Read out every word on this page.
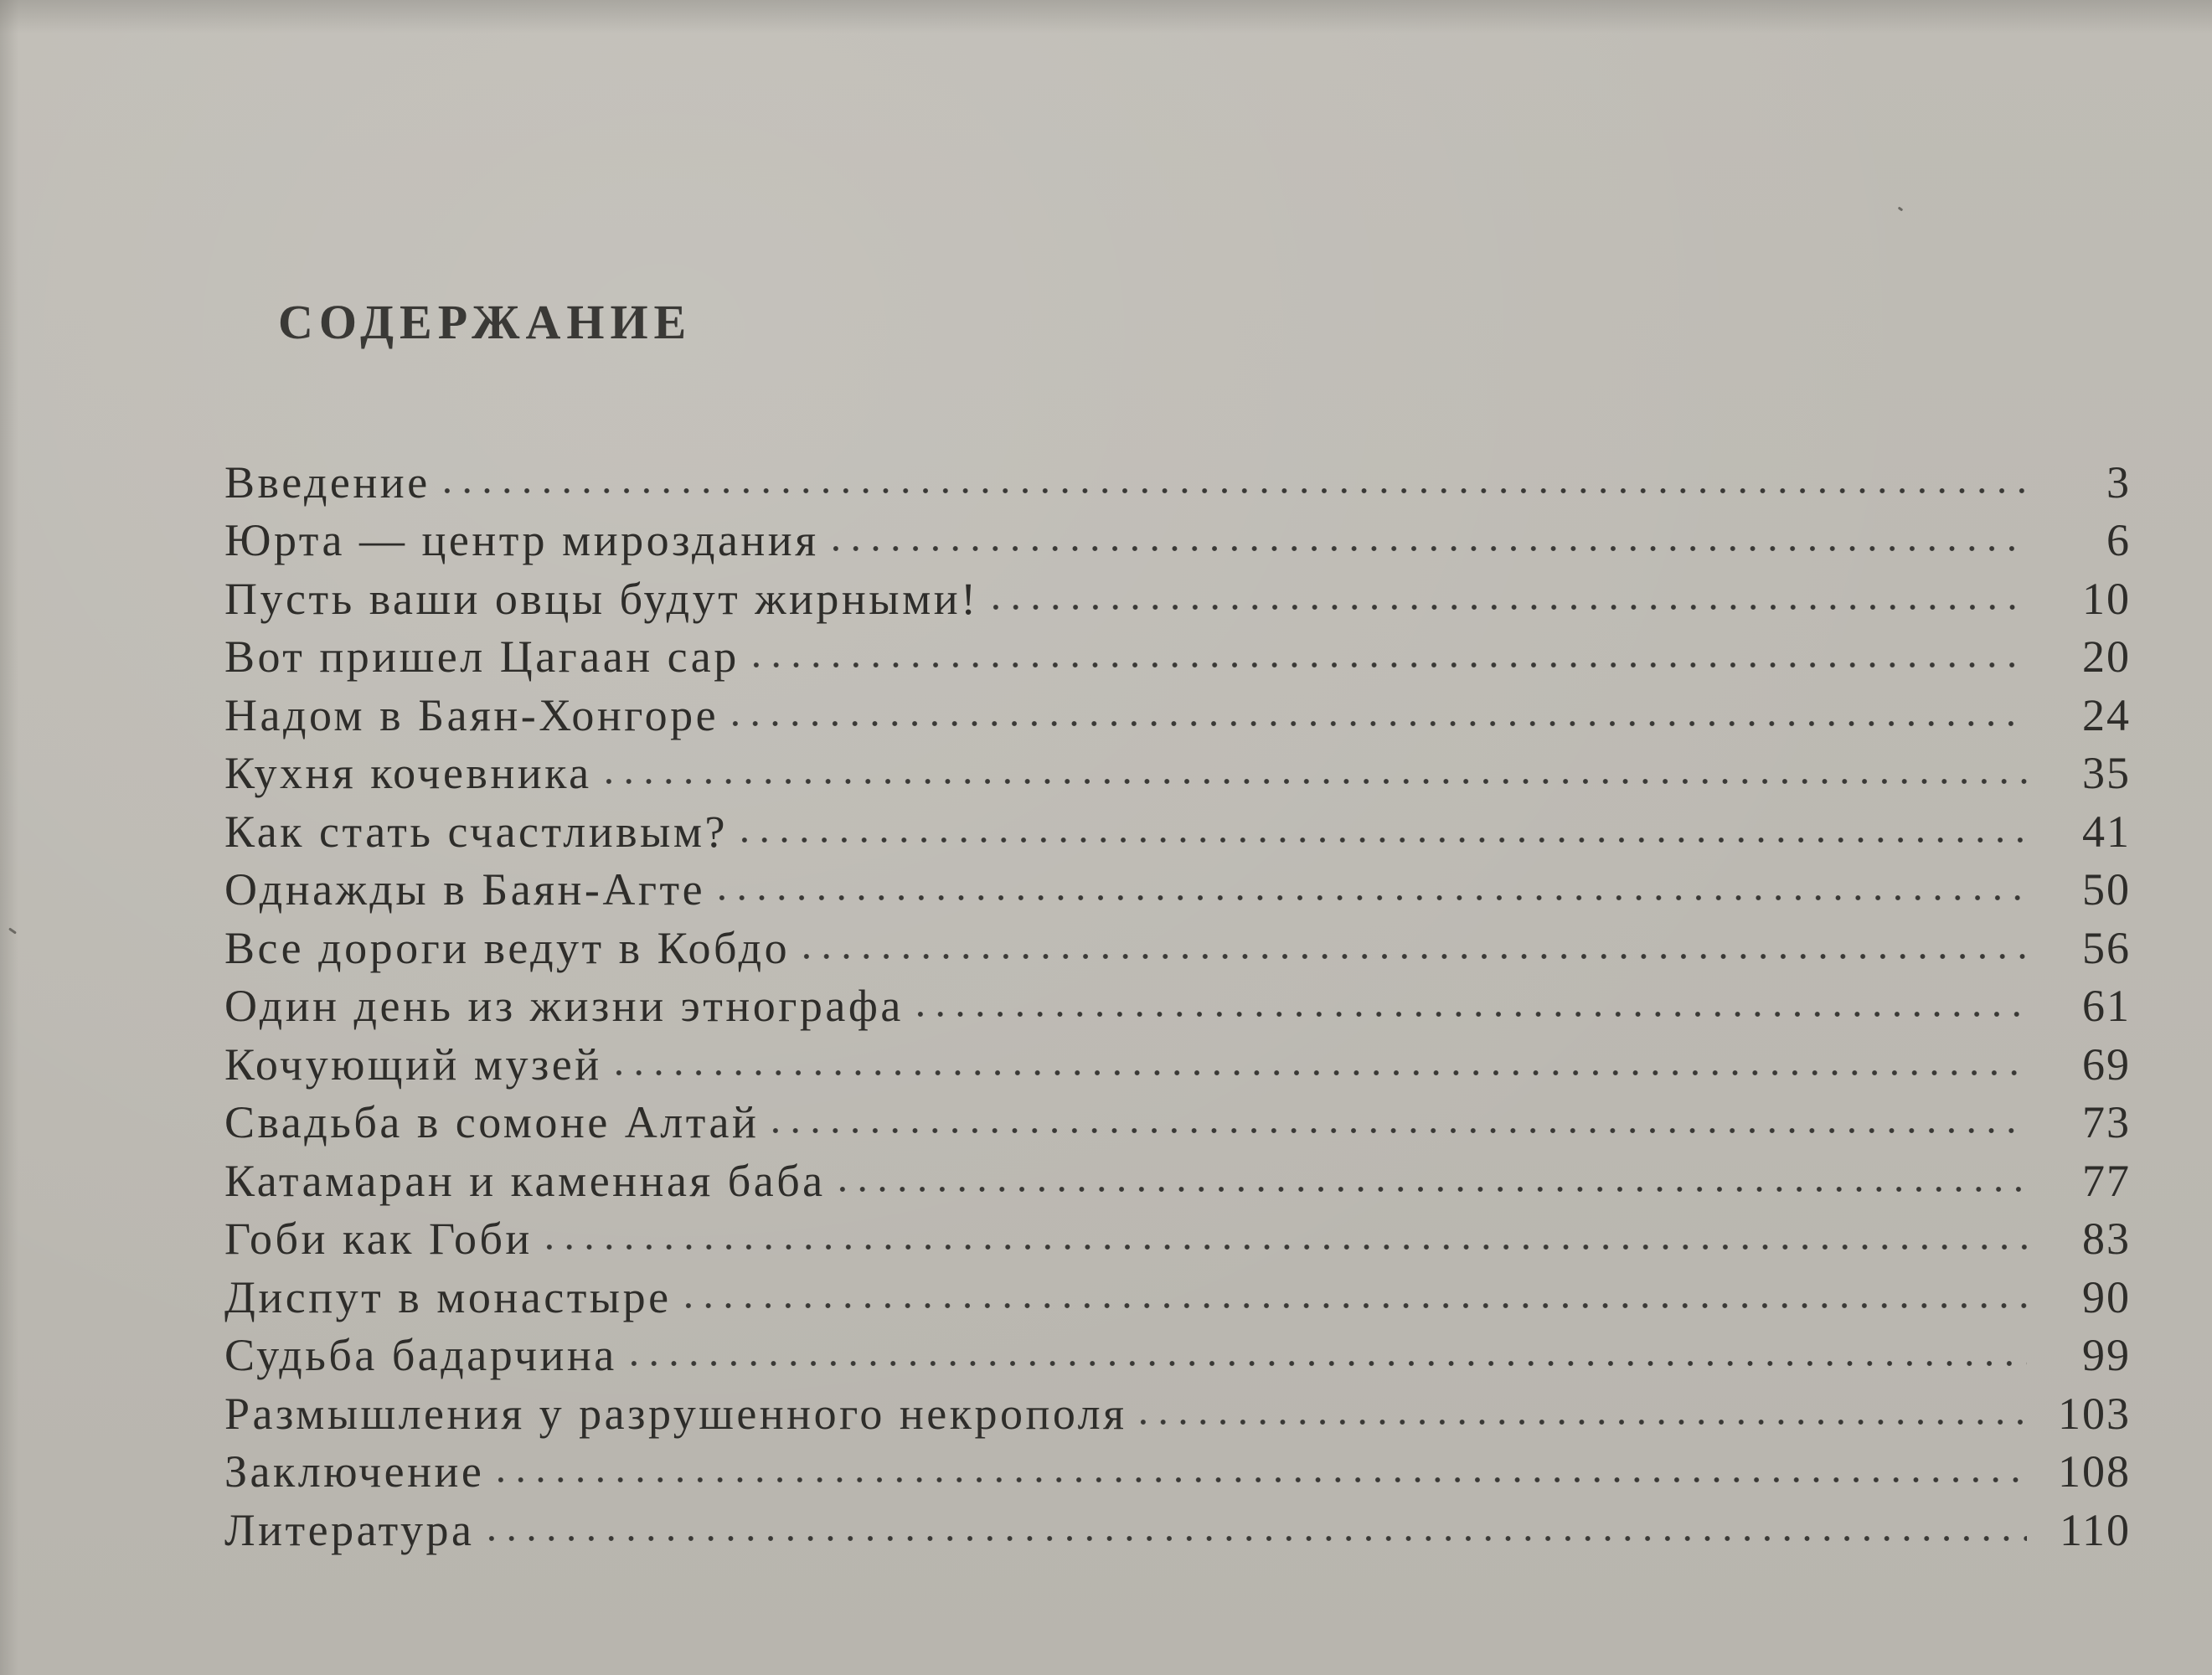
СОДЕРЖАНИЕ
Введение	3
Юрта — центр мироздания	6
Пусть ваши овцы будут жирными!	10
Вот пришел Цагаан сар	20
Надом в Баян-Хонгоре	24
Кухня кочевника	35
Как стать счастливым?	41
Однажды в Баян-Агте	50
Все дороги ведут в Кобдо	56
Один день из жизни этнографа	61
Кочующий музей	69
Свадьба в сомоне Алтай	73
Катамаран и каменная баба	77
Гоби как Гоби	83
Диспут в монастыре	90
Судьба бадарчина	99
Размышления у разрушенного некрополя	103
Заключение	108
Литература	110
